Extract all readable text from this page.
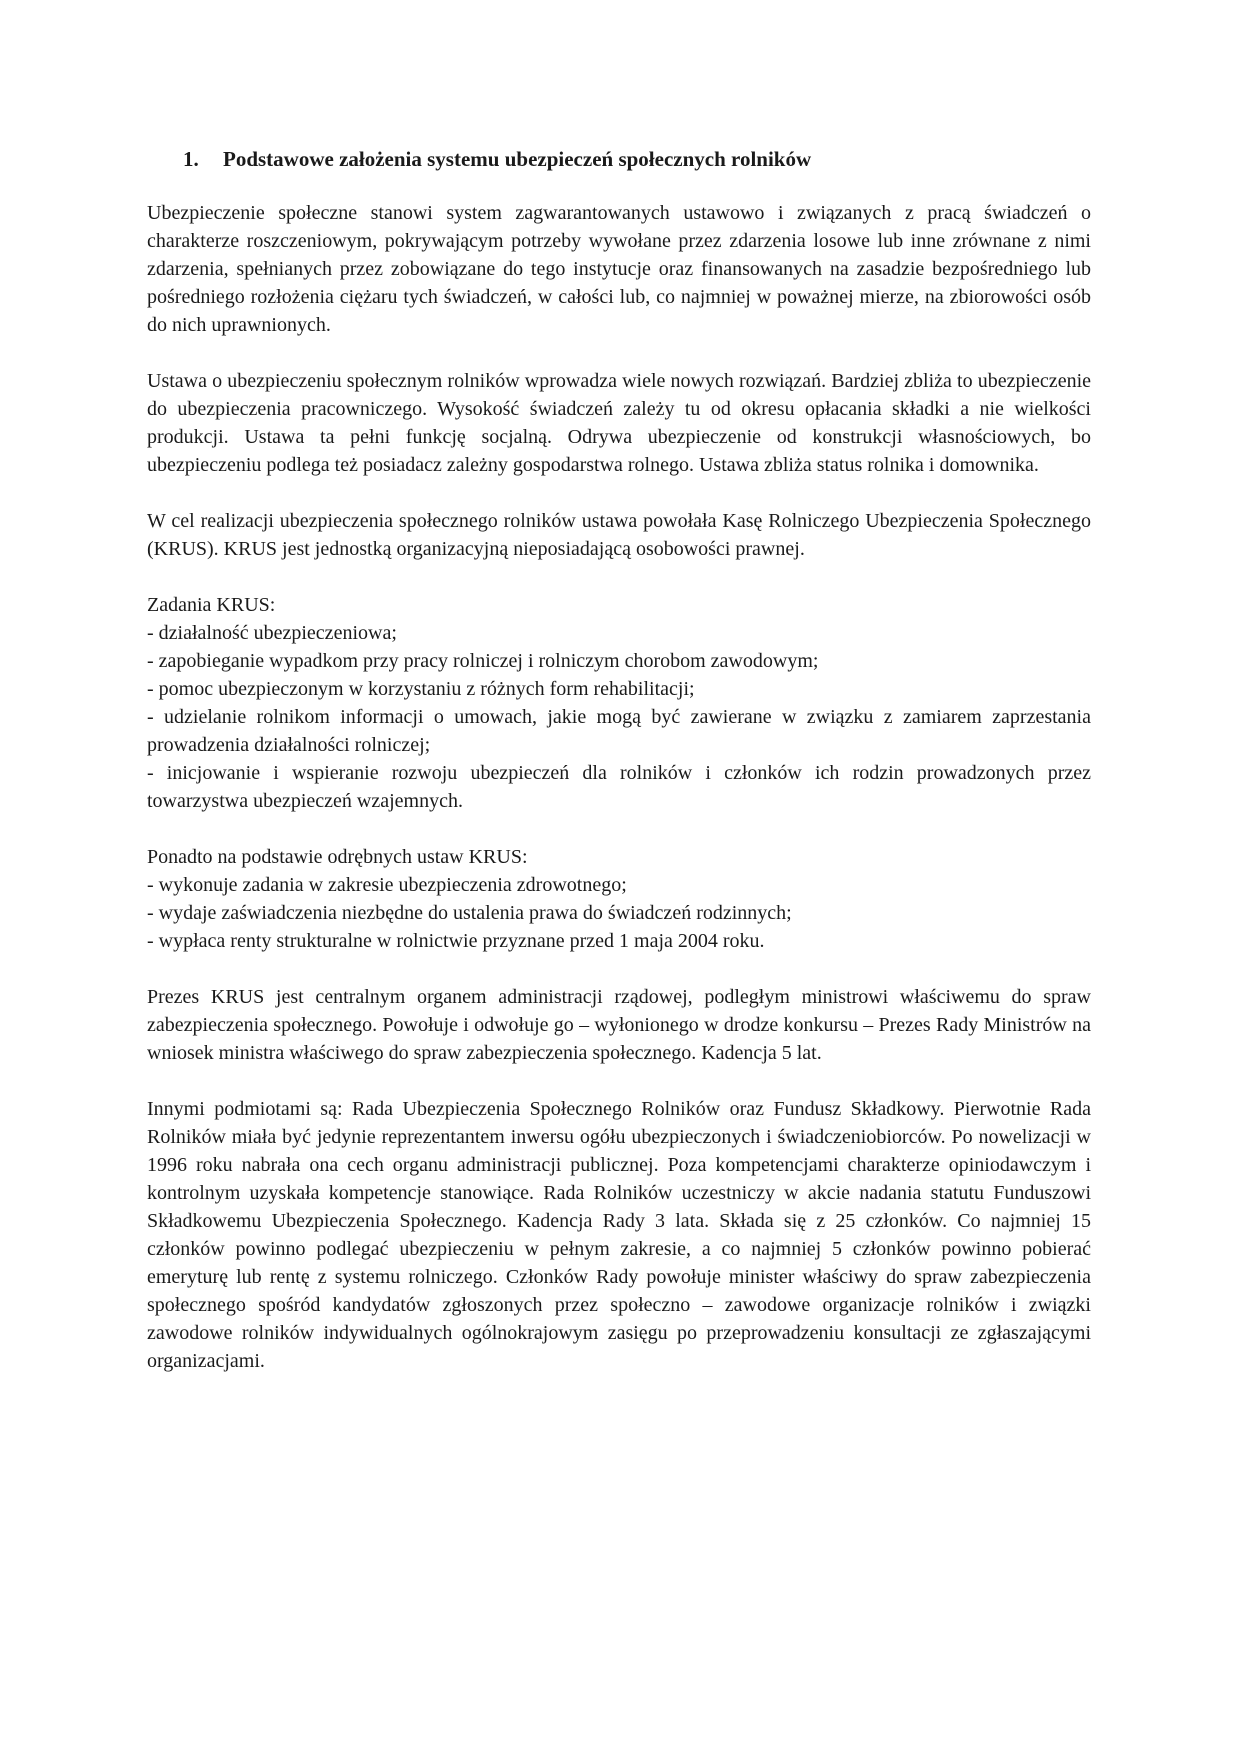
1.	Podstawowe założenia systemu ubezpieczeń społecznych rolników

Ubezpieczenie społeczne stanowi system zagwarantowanych ustawowo i związanych z pracą świadczeń o charakterze roszczeniowym, pokrywającym potrzeby wywołane przez zdarzenia losowe lub inne zrównane z nimi zdarzenia, spełnianych przez zobowiązane do tego instytucje oraz finansowanych na zasadzie bezpośredniego lub pośredniego rozłożenia ciężaru tych świadczeń, w całości lub, co najmniej w poważnej mierze, na zbiorowości osób do nich uprawnionych.

Ustawa o ubezpieczeniu społecznym rolników wprowadza wiele nowych rozwiązań. Bardziej zbliża to ubezpieczenie do ubezpieczenia pracowniczego. Wysokość świadczeń zależy tu od okresu opłacania składki a nie wielkości produkcji. Ustawa ta pełni funkcję socjalną. Odrywa ubezpieczenie od konstrukcji własnościowych, bo ubezpieczeniu podlega też posiadacz zależny gospodarstwa rolnego. Ustawa zbliża status rolnika i domownika.

W cel realizacji ubezpieczenia społecznego rolników ustawa powołała Kasę Rolniczego Ubezpieczenia Społecznego (KRUS). KRUS jest jednostką organizacyjną nieposiadającą osobowości prawnej.

Zadania KRUS:
- działalność ubezpieczeniowa;
- zapobieganie wypadkom przy pracy rolniczej i rolniczym chorobom zawodowym;
- pomoc ubezpieczonym w korzystaniu z różnych form rehabilitacji;
- udzielanie rolnikom informacji o umowach, jakie mogą być zawierane w związku z zamiarem zaprzestania prowadzenia działalności rolniczej;
- inicjowanie i wspieranie rozwoju ubezpieczeń dla rolników i członków ich rodzin prowadzonych przez towarzystwa ubezpieczeń wzajemnych.
Ponadto na podstawie odrębnych ustaw KRUS:
- wykonuje zadania w zakresie ubezpieczenia zdrowotnego;
- wydaje zaświadczenia niezbędne do ustalenia prawa do świadczeń rodzinnych;
- wypłaca renty strukturalne w rolnictwie przyznane przed 1 maja 2004 roku.

Prezes KRUS jest centralnym organem administracji rządowej, podległym ministrowi właściwemu do spraw zabezpieczenia społecznego. Powołuje i odwołuje go – wyłonionego w drodze konkursu – Prezes Rady Ministrów na wniosek ministra właściwego do spraw zabezpieczenia społecznego. Kadencja 5 lat.

Innymi podmiotami są: Rada Ubezpieczenia Społecznego Rolników oraz Fundusz Składkowy. Pierwotnie Rada Rolników miała być jedynie reprezentantem inwersu ogółu ubezpieczonych i świadczeniobiorców. Po nowelizacji w 1996 roku nabrała ona cech organu administracji publicznej. Poza kompetencjami charakterze opiniodawczym i kontrolnym uzyskała kompetencje stanowiące. Rada Rolników uczestniczy w akcie nadania statutu Funduszowi Składkowemu Ubezpieczenia Społecznego. Kadencja Rady 3 lata. Składa się z 25 członków. Co najmniej 15 członków powinno podlegać ubezpieczeniu w pełnym zakresie, a co najmniej 5 członków powinno pobierać emeryturę lub rentę z systemu rolniczego. Członków Rady powołuje minister właściwy do spraw zabezpieczenia społecznego spośród kandydatów zgłoszonych przez społeczno – zawodowe organizacje rolników i związki zawodowe rolników indywidualnych ogólnokrajowym zasięgu po przeprowadzeniu konsultacji ze zgłaszającymi organizacjami.
